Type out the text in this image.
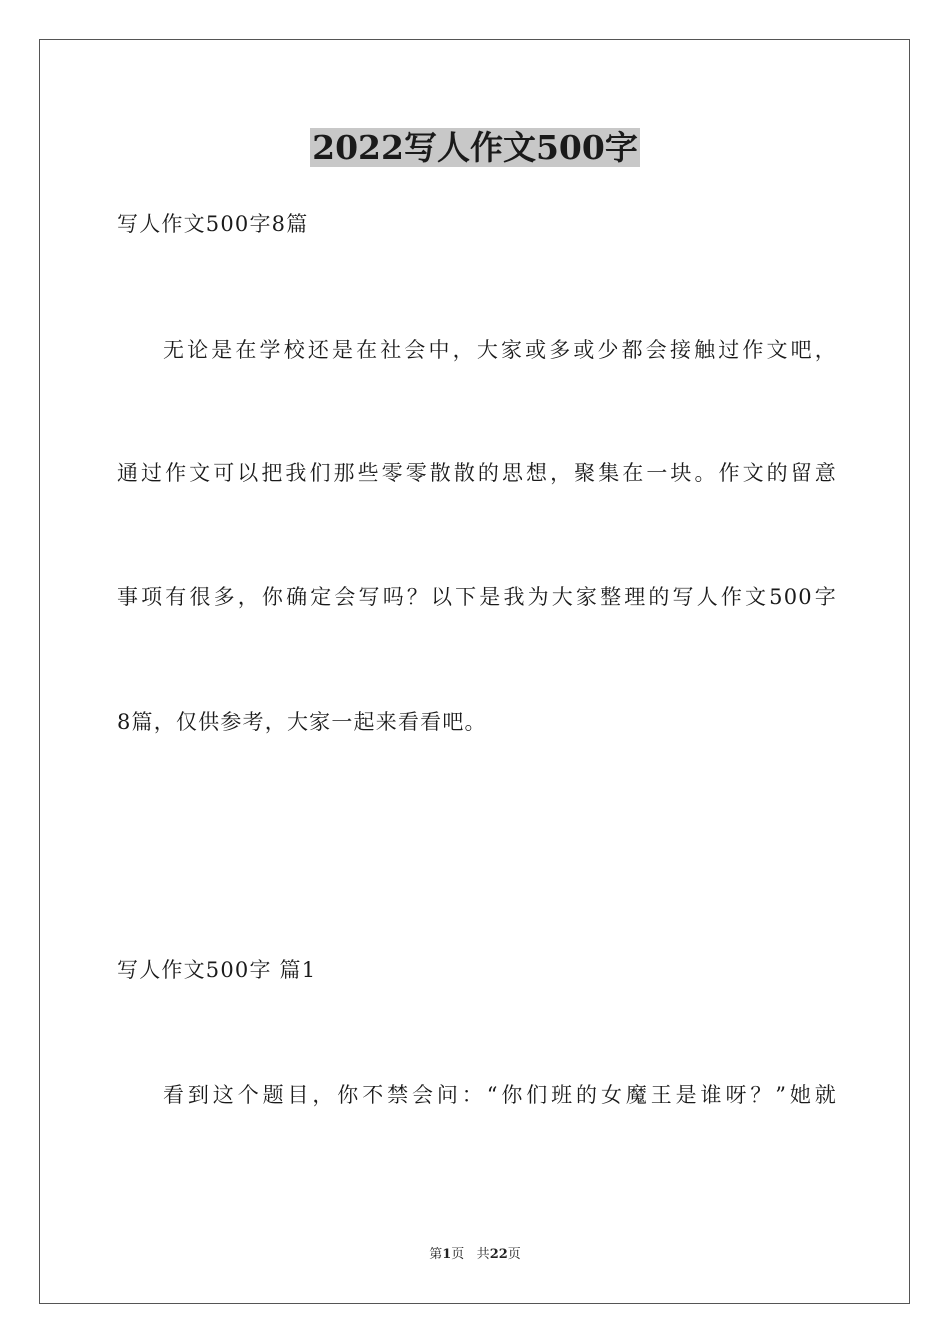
2022写人作文500字
写人作文500字8篇
无论是在学校还是在社会中，大家或多或少都会接触过作文吧，
通过作文可以把我们那些零零散散的思想，聚集在一块。作文的留意
事项有很多，你确定会写吗？以下是我为大家整理的写人作文500字
8篇，仅供参考，大家一起来看看吧。
写人作文500字 篇1
看到这个题目，你不禁会问：“你们班的女魔王是谁呀？”她就
第1页 共22页
